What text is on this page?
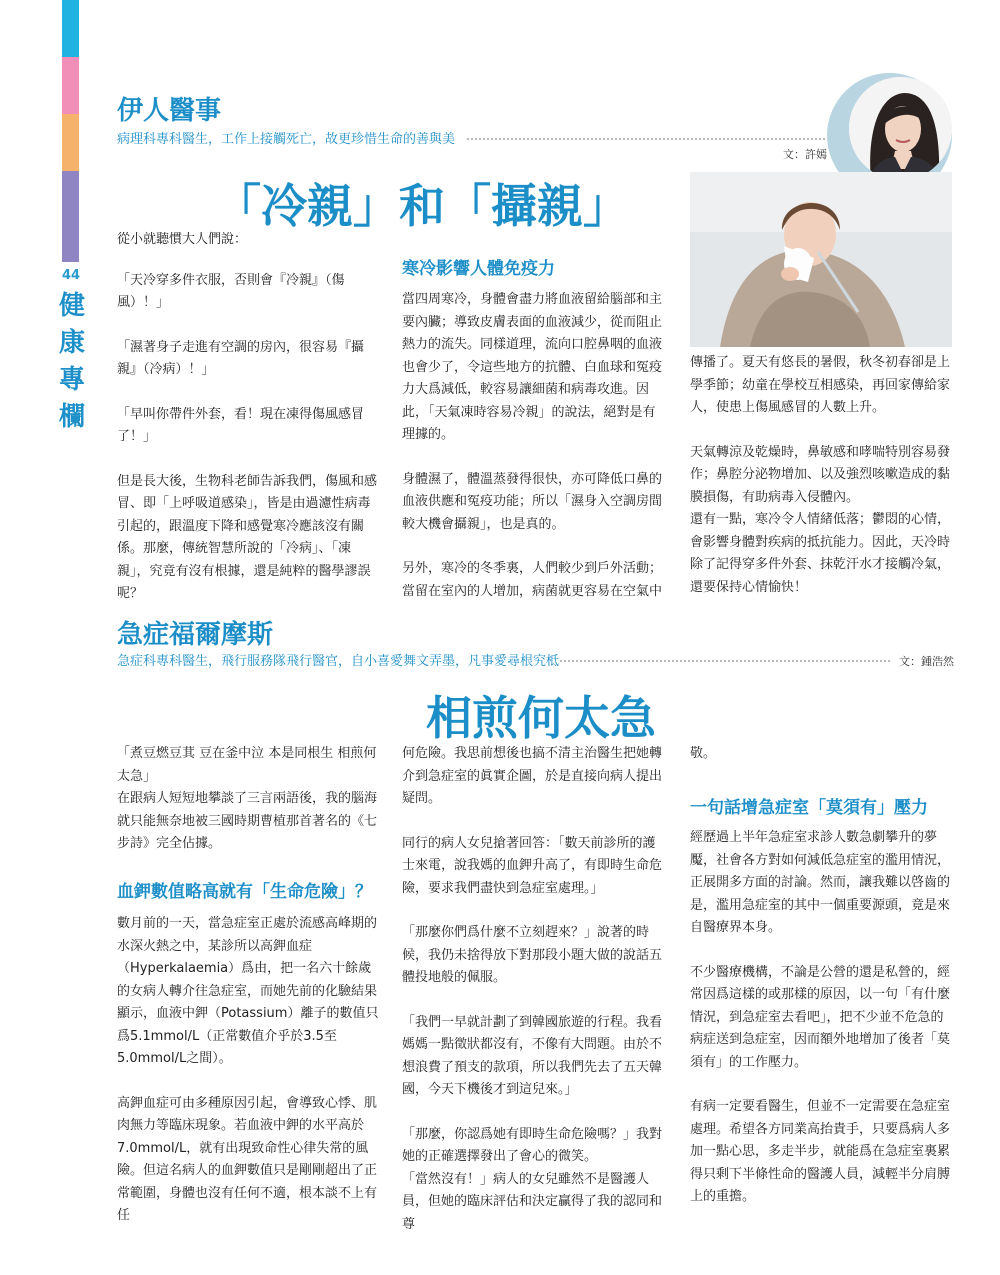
44
健
康
專
欄
伊人醫事
病理科專科醫生，工作上接觸死亡，故更珍惜生命的善與美
文：許嫣
「冷親」和「攝親」

從小就聽慣大人們說：

「天冷穿多件衣服，否則會『冷親』（傷風）！」

「濕著身子走進有空調的房內，很容易『攝親』（冷病）！」

「早叫你帶件外套，看！現在凍得傷風感冒了！」

但是長大後，生物科老師告訴我們，傷風和感冒、即「上呼吸道感染」，皆是由過濾性病毒引起的，跟溫度下降和感覺寒冷應該沒有關係。那麼，傳統智慧所說的「冷病」、「凍親」，究竟有沒有根據，還是純粹的醫學謬誤呢？

寒冷影響人體免疫力

當四周寒冷，身體會盡力將血液留給腦部和主要內臟；導致皮膚表面的血液減少，從而阻止熱力的流失。同樣道理，流向口腔鼻咽的血液也會少了，令這些地方的抗體、白血球和冤疫力大爲減低，較容易讓細菌和病毒攻進。因此，「天氣凍時容易冷親」的說法，絕對是有理據的。

身體濕了，體溫蒸發得很快，亦可降低口鼻的血液供應和冤疫功能；所以「濕身入空調房間較大機會攝親」，也是真的。

另外，寒冷的冬季裏，人們較少到戶外活動；當留在室內的人增加，病菌就更容易在空氣中

傳播了。夏天有悠長的暑假，秋冬初春卻是上學季節；幼童在學校互相感染，再回家傳給家人，使患上傷風感冒的人數上升。

天氣轉涼及乾燥時，鼻敏感和哮喘特別容易發作；鼻腔分泌物增加、以及強烈咳嗽造成的黏膜損傷，有助病毒入侵體內。

還有一點，寒冷令人情緒低落；鬱悶的心情，會影響身體對疾病的抵抗能力。因此，天冷時除了記得穿多件外套、抹乾汗水才接觸冷氣，還要保持心情愉快！

急症福爾摩斯
急症科專科醫生，飛行服務隊飛行醫官，自小喜愛舞文弄墨，凡事愛尋根究柢	文：鍾浩然
相煎何太急

「煮豆燃豆萁 豆在釜中泣 本是同根生 相煎何太急」

在跟病人短短地攀談了三言兩語後，我的腦海就只能無奈地被三國時期曹植那首著名的《七步詩》完全佔據。

血鉀數值略高就有「生命危險」？

數月前的一天，當急症室正處於流感高峰期的水深火熱之中，某診所以高鉀血症（Hyperkalaemia）爲由，把一名六十餘歲的女病人轉介往急症室，而她先前的化驗結果顯示，血液中鉀（Potassium）離子的數值只爲5.1mmol/L（正常數值介乎於3.5至5.0mmol/L之間）。

高鉀血症可由多種原因引起，會導致心悸、肌肉無力等臨床現象。若血液中鉀的水平高於7.0mmol/L，就有出現致命性心律失常的風險。但這名病人的血鉀數值只是剛剛超出了正常範圍，身體也沒有任何不適，根本談不上有任

何危險。我思前想後也搞不清主治醫生把她轉介到急症室的眞實企圖，於是直接向病人提出疑問。

同行的病人女兒搶著回答：「數天前診所的護士來電，說我媽的血鉀升高了，有即時生命危險，要求我們盡快到急症室處理。」

「那麼你們爲什麼不立刻趕來？」說著的時候，我仍未捨得放下對那段小題大做的說話五體投地般的佩服。

「我們一早就計劃了到韓國旅遊的行程。我看媽媽一點徵狀都沒有，不像有大問題。由於不想浪費了預支的款項，所以我們先去了五天韓國，今天下機後才到這兒來。」

「那麼，你認爲她有即時生命危險嗎？」我對她的正確選擇發出了會心的微笑。

「當然沒有！」病人的女兒雖然不是醫護人員，但她的臨床評估和決定贏得了我的認同和尊

敬。
一句話增急症室「莫須有」壓力

經歷過上半年急症室求診人數急劇攀升的夢魘，社會各方對如何減低急症室的濫用情況，正展開多方面的討論。然而，讓我難以啓齒的是，濫用急症室的其中一個重要源頭，竟是來自醫療界本身。

不少醫療機構，不論是公營的還是私營的，經常因爲這樣的或那樣的原因，以一句「有什麼情況，到急症室去看吧」，把不少並不危急的病症送到急症室，因而額外地增加了後者「莫須有」的工作壓力。

有病一定要看醫生，但並不一定需要在急症室處理。希望各方同業高抬貴手，只要爲病人多加一點心思，多走半步，就能爲在急症室裏累得只剩下半條性命的醫護人員，減輕半分肩膊上的重擔。
